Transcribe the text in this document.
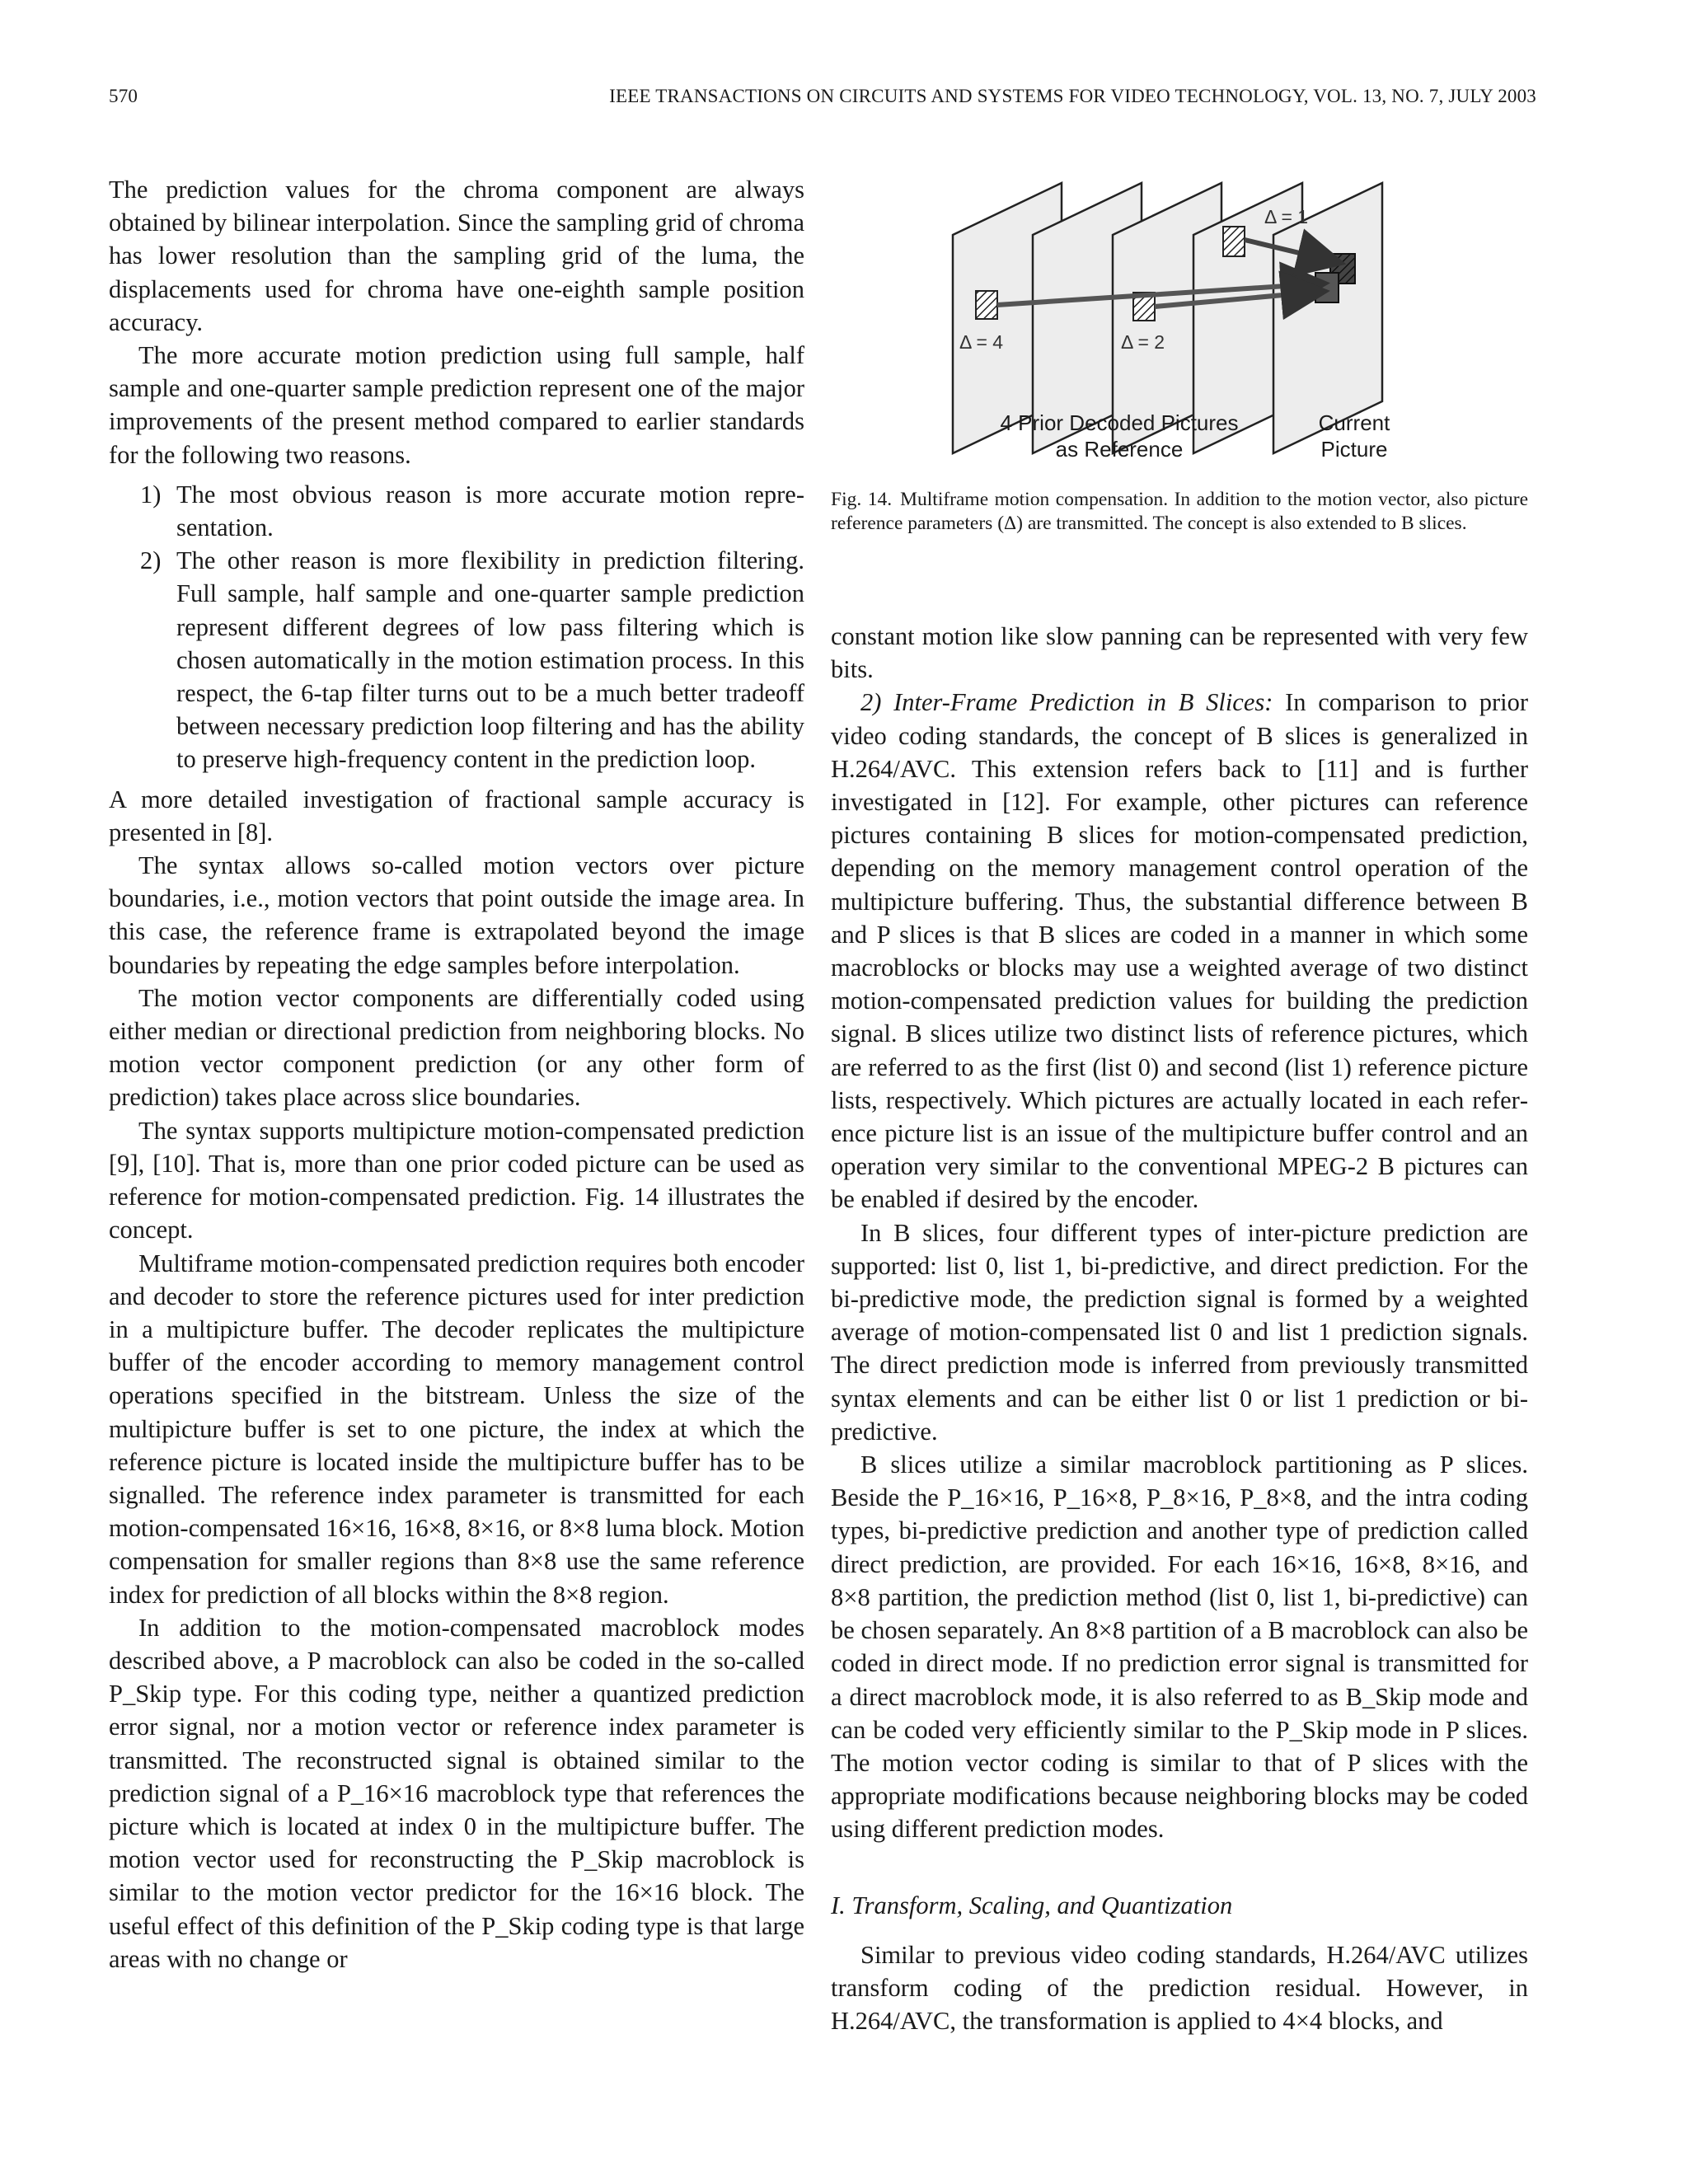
570	IEEE TRANSACTIONS ON CIRCUITS AND SYSTEMS FOR VIDEO TECHNOLOGY, VOL. 13, NO. 7, JULY 2003

The prediction values for the chroma component are always obtained by bilinear interpolation. Since the sampling grid of chroma has lower resolution than the sampling grid of the luma, the displacements used for chroma have one-eighth sample position accuracy.

The more accurate motion prediction using full sample, half sample and one-quarter sample prediction represent one of the major improvements of the present method compared to earlier standards for the following two reasons.

1) The most obvious reason is more accurate motion representation.
2) The other reason is more flexibility in prediction filtering. Full sample, half sample and one-quarter sample prediction represent different degrees of low pass filtering which is chosen automatically in the motion estimation process. In this respect, the 6-tap filter turns out to be a much better tradeoff between necessary prediction loop filtering and has the ability to preserve high-frequency content in the prediction loop.

A more detailed investigation of fractional sample accuracy is presented in [8].

The syntax allows so-called motion vectors over picture boundaries, i.e., motion vectors that point outside the image area. In this case, the reference frame is extrapolated beyond the image boundaries by repeating the edge samples before interpolation.

The motion vector components are differentially coded using either median or directional prediction from neighboring blocks. No motion vector component prediction (or any other form of prediction) takes place across slice boundaries.

The syntax supports multipicture motion-compensated prediction [9], [10]. That is, more than one prior coded picture can be used as reference for motion-compensated prediction. Fig. 14 illustrates the concept.

Multiframe motion-compensated prediction requires both encoder and decoder to store the reference pictures used for inter prediction in a multipicture buffer. The decoder replicates the multipicture buffer of the encoder according to memory management control operations specified in the bitstream. Unless the size of the multipicture buffer is set to one picture, the index at which the reference picture is located inside the multipicture buffer has to be signalled. The reference index parameter is transmitted for each motion-compensated 16×16, 16×8, 8×16, or 8×8 luma block. Motion compensation for smaller regions than 8×8 use the same reference index for prediction of all blocks within the 8×8 region.

In addition to the motion-compensated macroblock modes described above, a P macroblock can also be coded in the so-called P_Skip type. For this coding type, neither a quantized prediction error signal, nor a motion vector or reference index parameter is transmitted. The reconstructed signal is obtained similar to the prediction signal of a P_16×16 macroblock type that references the picture which is located at index 0 in the multipicture buffer. The motion vector used for reconstructing the P_Skip macroblock is similar to the motion vector predictor for the 16×16 block. The useful effect of this definition of the P_Skip coding type is that large areas with no change or

Δ = 1
Δ = 2
Δ = 4
4 Prior Decoded Pictures
as Reference
Current
Picture
Fig. 14. Multiframe motion compensation. In addition to the motion vector, also picture reference parameters (Δ) are transmitted. The concept is also extended to B slices.

constant motion like slow panning can be represented with very few bits.

2) Inter-Frame Prediction in B Slices: In comparison to prior video coding standards, the concept of B slices is generalized in H.264/AVC. This extension refers back to [11] and is further investigated in [12]. For example, other pictures can reference pictures containing B slices for motion-compensated prediction, depending on the memory management control operation of the multipicture buffering. Thus, the substantial difference between B and P slices is that B slices are coded in a manner in which some macroblocks or blocks may use a weighted average of two distinct motion-compensated prediction values for building the prediction signal. B slices utilize two distinct lists of reference pictures, which are referred to as the first (list 0) and second (list 1) reference picture lists, respectively. Which pictures are actually located in each reference picture list is an issue of the multipicture buffer control and an operation very similar to the conventional MPEG-2 B pictures can be enabled if desired by the encoder.

In B slices, four different types of inter-picture prediction are supported: list 0, list 1, bi-predictive, and direct prediction. For the bi-predictive mode, the prediction signal is formed by a weighted average of motion-compensated list 0 and list 1 prediction signals. The direct prediction mode is inferred from previously transmitted syntax elements and can be either list 0 or list 1 prediction or bi-predictive.

B slices utilize a similar macroblock partitioning as P slices. Beside the P_16×16, P_16×8, P_8×16, P_8×8, and the intra coding types, bi-predictive prediction and another type of prediction called direct prediction, are provided. For each 16×16, 16×8, 8×16, and 8×8 partition, the prediction method (list 0, list 1, bi-predictive) can be chosen separately. An 8×8 partition of a B macroblock can also be coded in direct mode. If no prediction error signal is transmitted for a direct macroblock mode, it is also referred to as B_Skip mode and can be coded very efficiently similar to the P_Skip mode in P slices. The motion vector coding is similar to that of P slices with the appropriate modifications because neighboring blocks may be coded using different prediction modes.

I. Transform, Scaling, and Quantization

Similar to previous video coding standards, H.264/AVC utilizes transform coding of the prediction residual. However, in H.264/AVC, the transformation is applied to 4×4 blocks, and
